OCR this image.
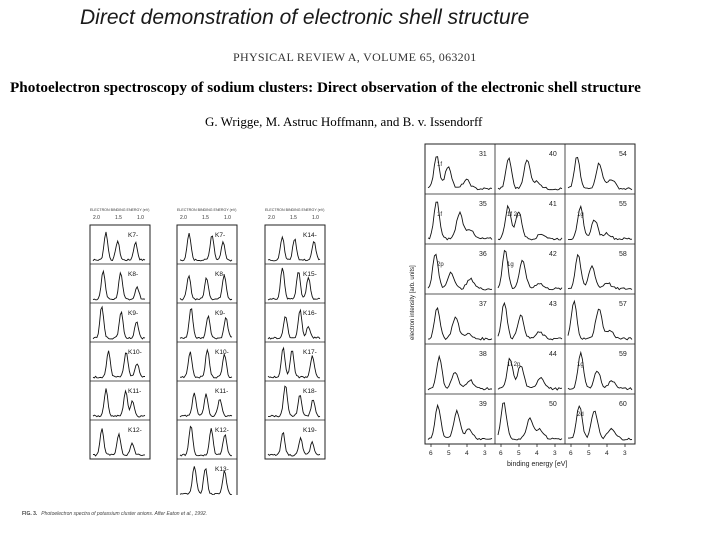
Direct demonstration of electronic shell structure
PHYSICAL REVIEW A, VOLUME 65, 063201
Photoelectron spectroscopy of sodium clusters: Direct observation of the electronic shell structure
G. Wrigge, M. Astruc Hoffmann, and B. v. Issendorff
ELECTRON BINDING ENERGY (eV)
2.0	1.5	1.0
K7-
K8-
K9-
K10-
K11-
K12-
ELECTRON BINDING ENERGY (eV)
2.0	1.5	1.0
K7-
K8-
K9-
K10-
K11-
K12-
K13-
ELECTRON BINDING ENERGY (eV)
2.0	1.5	1.0
K14-
K15-
K16-
K17-
K18-
K19-
electron intensity [arb. units]
31	40	54
35	41	55
36	42	58
37	43	57
38	44	59
39	50	60
1f
1f	1f 2p	1g
2p	1g
1g
1f 2p
2d
6 5 4 3 6 5 4 3 6 5 4 3
binding energy [eV]
FIG. 3. Photoelectron spectra of potassium cluster anions. After Eaton et al., 1992.
